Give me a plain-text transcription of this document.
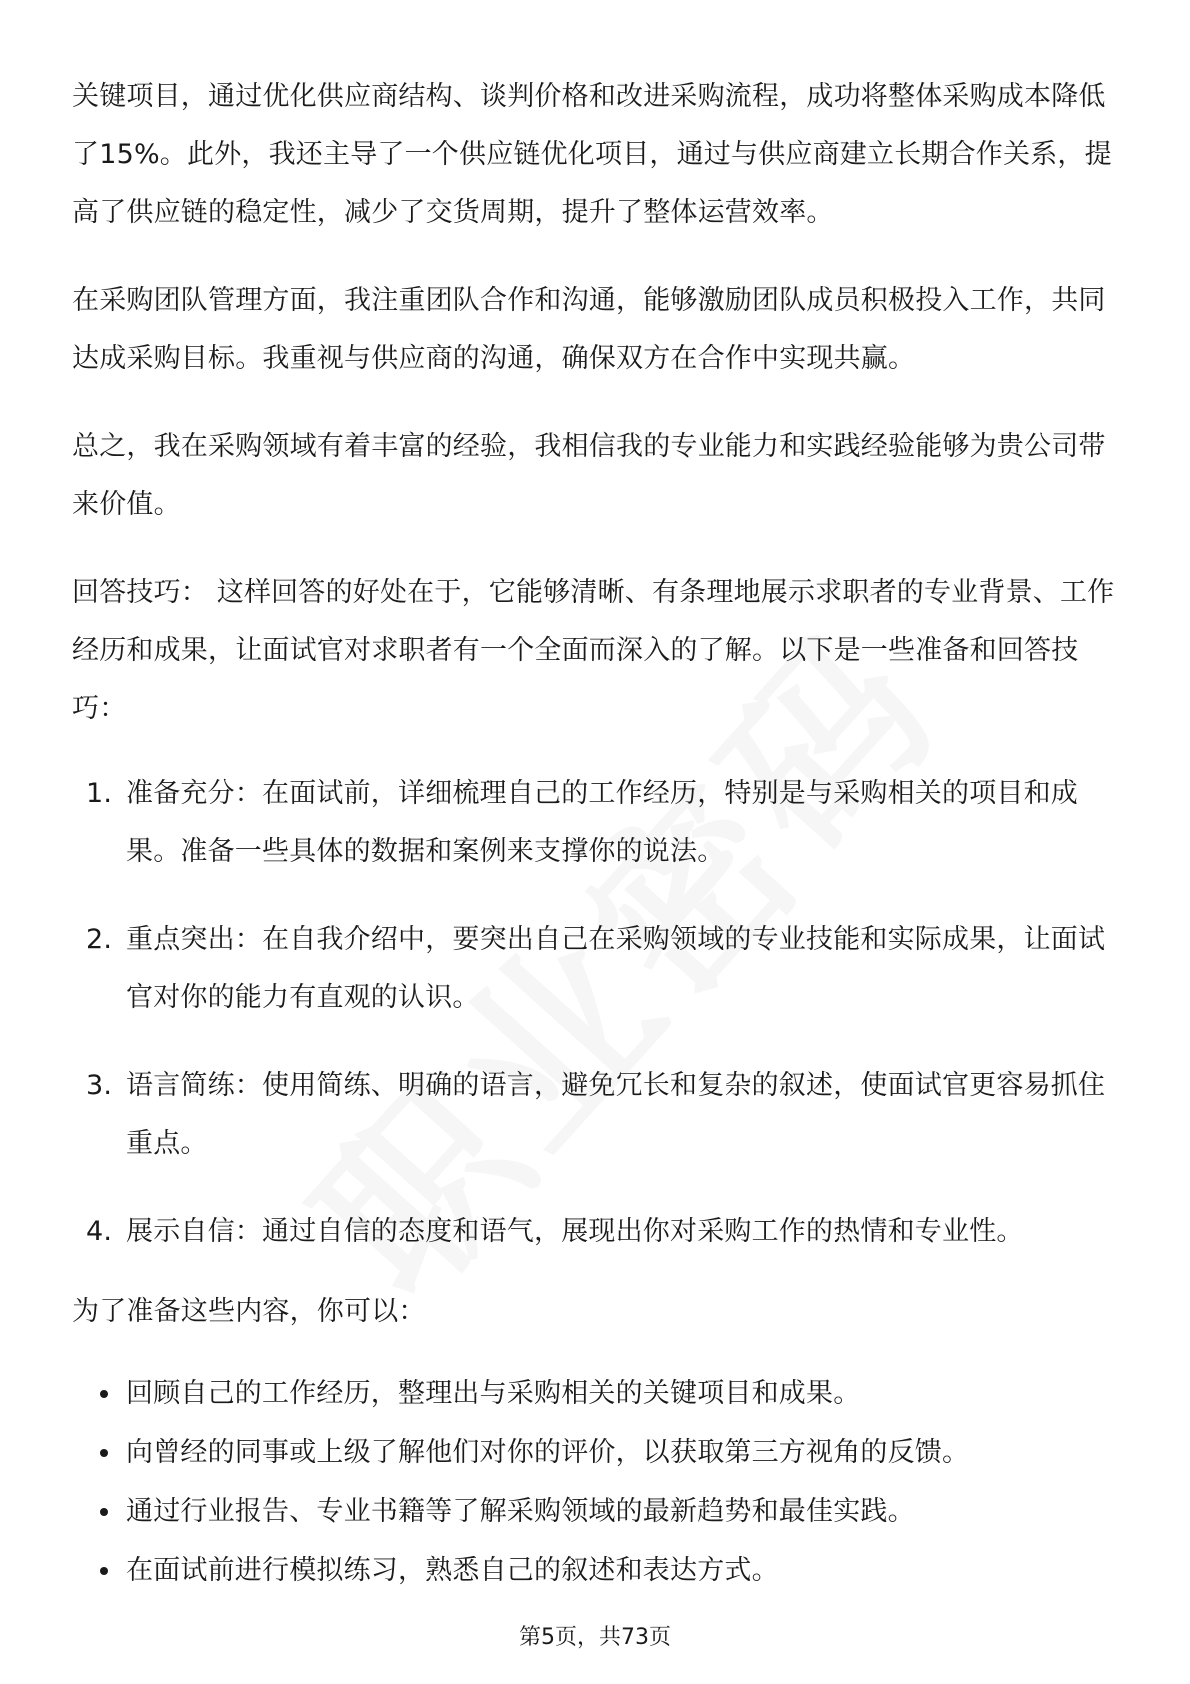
关键项目，通过优化供应商结构、谈判价格和改进采购流程，成功将整体采购成本降低了15%。此外，我还主导了一个供应链优化项目，通过与供应商建立长期合作关系，提高了供应链的稳定性，减少了交货周期，提升了整体运营效率。

在采购团队管理方面，我注重团队合作和沟通，能够激励团队成员积极投入工作，共同达成采购目标。我重视与供应商的沟通，确保双方在合作中实现共赢。

总之，我在采购领域有着丰富的经验，我相信我的专业能力和实践经验能够为贵公司带来价值。

回答技巧： 这样回答的好处在于，它能够清晰、有条理地展示求职者的专业背景、工作经历和成果，让面试官对求职者有一个全面而深入的了解。以下是一些准备和回答技巧：

1. 准备充分：在面试前，详细梳理自己的工作经历，特别是与采购相关的项目和成果。准备一些具体的数据和案例来支撑你的说法。
2. 重点突出：在自我介绍中，要突出自己在采购领域的专业技能和实际成果，让面试官对你的能力有直观的认识。
3. 语言简练：使用简练、明确的语言，避免冗长和复杂的叙述，使面试官更容易抓住重点。
4. 展示自信：通过自信的态度和语气，展现出你对采购工作的热情和专业性。

为了准备这些内容，你可以：

回顾自己的工作经历，整理出与采购相关的关键项目和成果。
向曾经的同事或上级了解他们对你的评价，以获取第三方视角的反馈。
通过行业报告、专业书籍等了解采购领域的最新趋势和最佳实践。
在面试前进行模拟练习，熟悉自己的叙述和表达方式。
第5页，共73页
